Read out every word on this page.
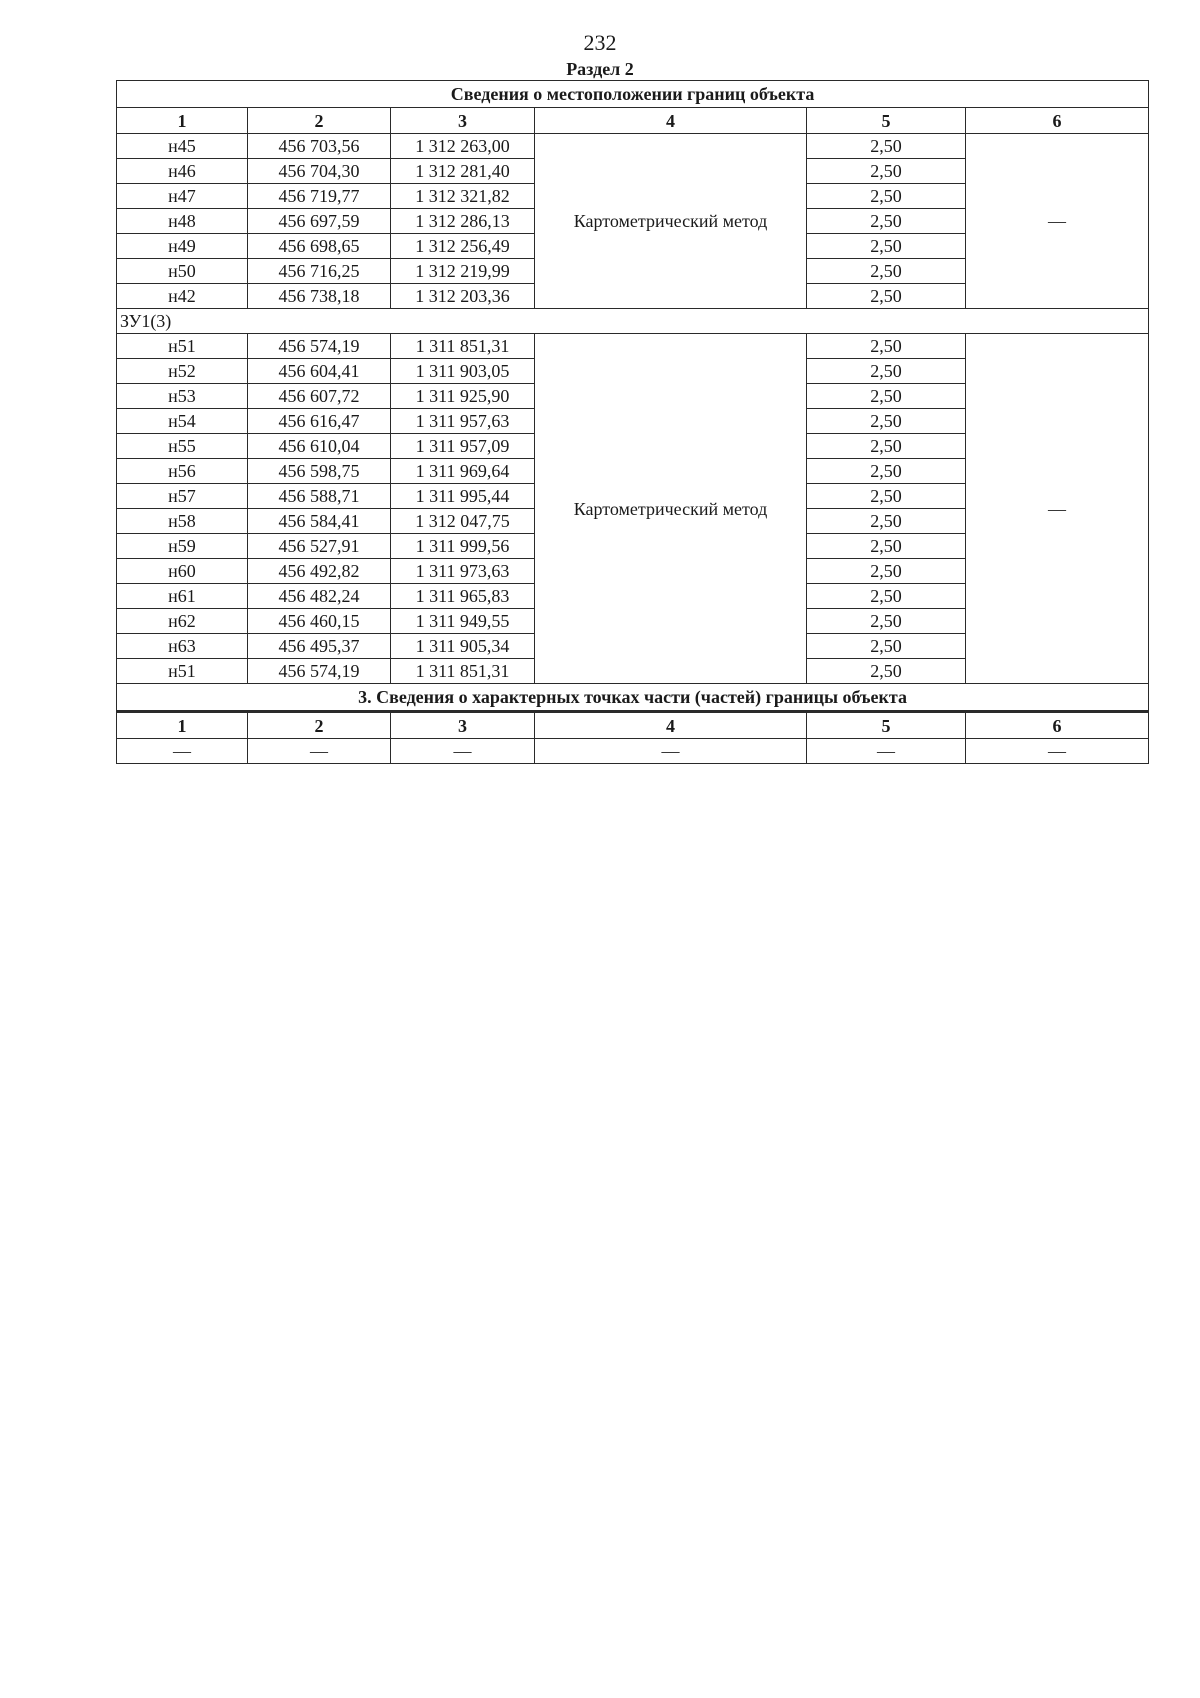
232
Раздел 2
Сведения о местоположении границ объекта					
1	2	3	4	5	6
н45	456 703,56	1 312 263,00	Картометрический метод	2,50	—
н46	456 704,30	1 312 281,40		2,50	
н47	456 719,77	1 312 321,82		2,50	
н48	456 697,59	1 312 286,13		2,50	
н49	456 698,65	1 312 256,49		2,50	
н50	456 716,25	1 312 219,99		2,50	
н42	456 738,18	1 312 203,36		2,50	
ЗУ1(3)					
н51	456 574,19	1 311 851,31	Картометрический метод	2,50	—
н52	456 604,41	1 311 903,05		2,50	
н53	456 607,72	1 311 925,90		2,50	
н54	456 616,47	1 311 957,63		2,50	
н55	456 610,04	1 311 957,09		2,50	
н56	456 598,75	1 311 969,64		2,50	
н57	456 588,71	1 311 995,44		2,50	
н58	456 584,41	1 312 047,75		2,50	
н59	456 527,91	1 311 999,56		2,50	
н60	456 492,82	1 311 973,63		2,50	
н61	456 482,24	1 311 965,83		2,50	
н62	456 460,15	1 311 949,55		2,50	
н63	456 495,37	1 311 905,34		2,50	
н51	456 574,19	1 311 851,31		2,50	
3. Сведения о характерных точках части (частей) границы объекта					
1	2	3	4	5	6
—	—	—	—	—	—
